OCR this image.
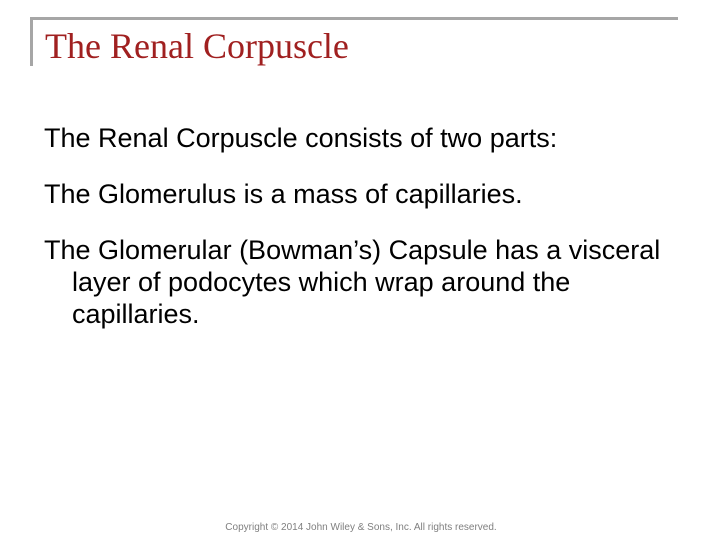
The Renal Corpuscle

The Renal Corpuscle consists of two parts:

The Glomerulus is a mass of capillaries.

The Glomerular (Bowman’s) Capsule has a visceral layer of podocytes which wrap around the capillaries.

Copyright © 2014 John Wiley & Sons, Inc. All rights reserved.
